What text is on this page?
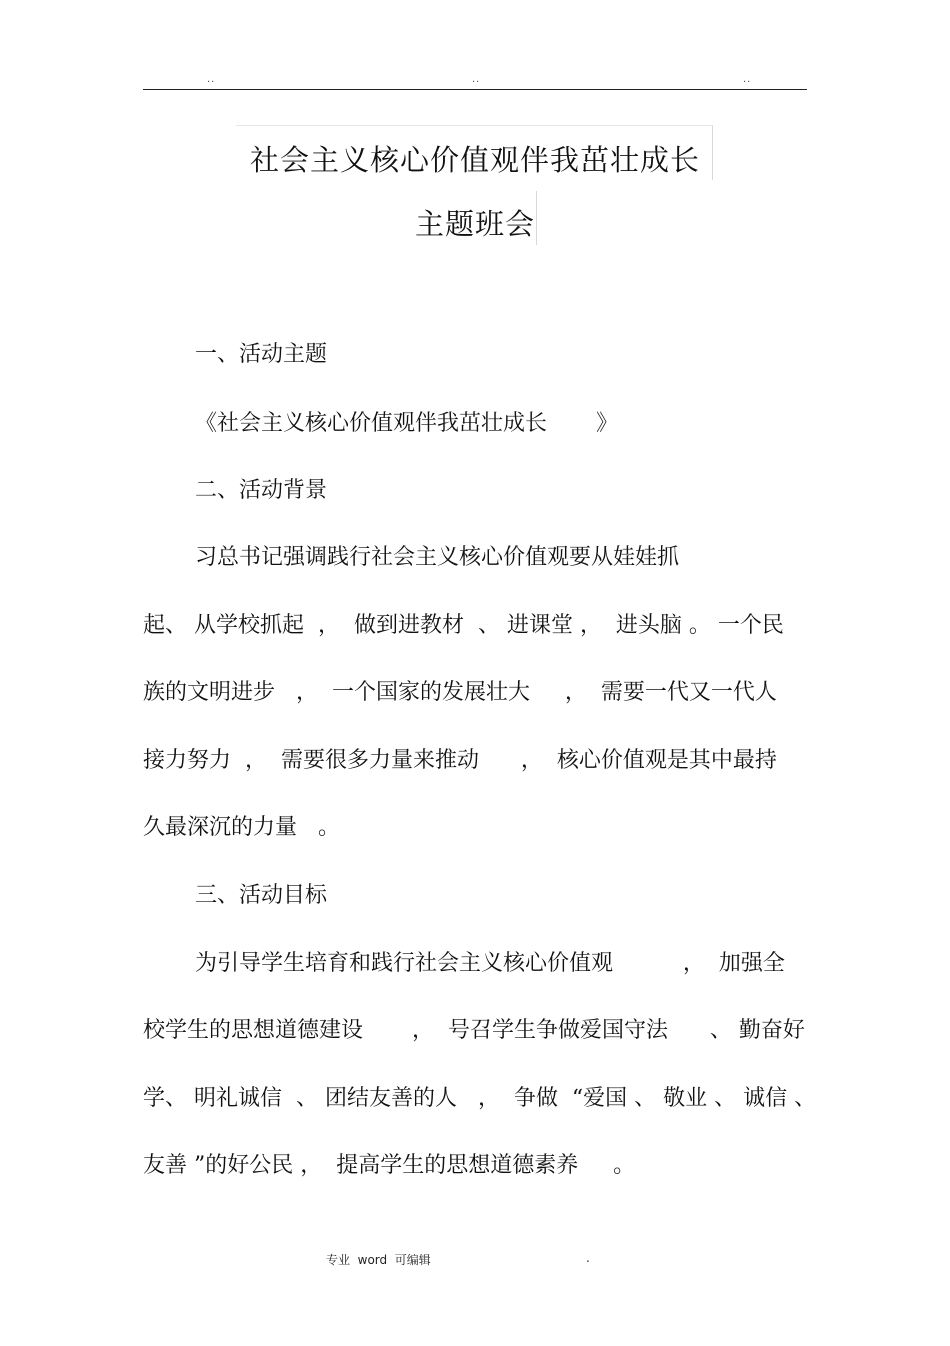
..	..	..
社会主义核心价值观伴我茁壮成长
主题班会
一、活动主题
《社会主义核心价值观伴我茁壮成长       》
二、活动背景
习总书记强调践行社会主义核心价值观要从娃娃抓
起、 从学校抓起  ，  做到进教材  、 进课堂 ，  进头脑 。 一个民
族的文明进步   ，  一个国家的发展壮大     ，  需要一代又一代人
接力努力  ，  需要很多力量来推动      ，  核心价值观是其中最持
久最深沉的力量   。
三、活动目标
为引导学生培育和践行社会主义核心价值观          ，  加强全
校学生的思想道德建设       ，  号召学生争做爱国守法      、 勤奋好
学、 明礼诚信  、 团结友善的人   ，  争做  “爱国 、 敬业 、 诚信 、
友善 ”的好公民 ，  提高学生的思想道德素养     。
专业  word  可编辑	.
